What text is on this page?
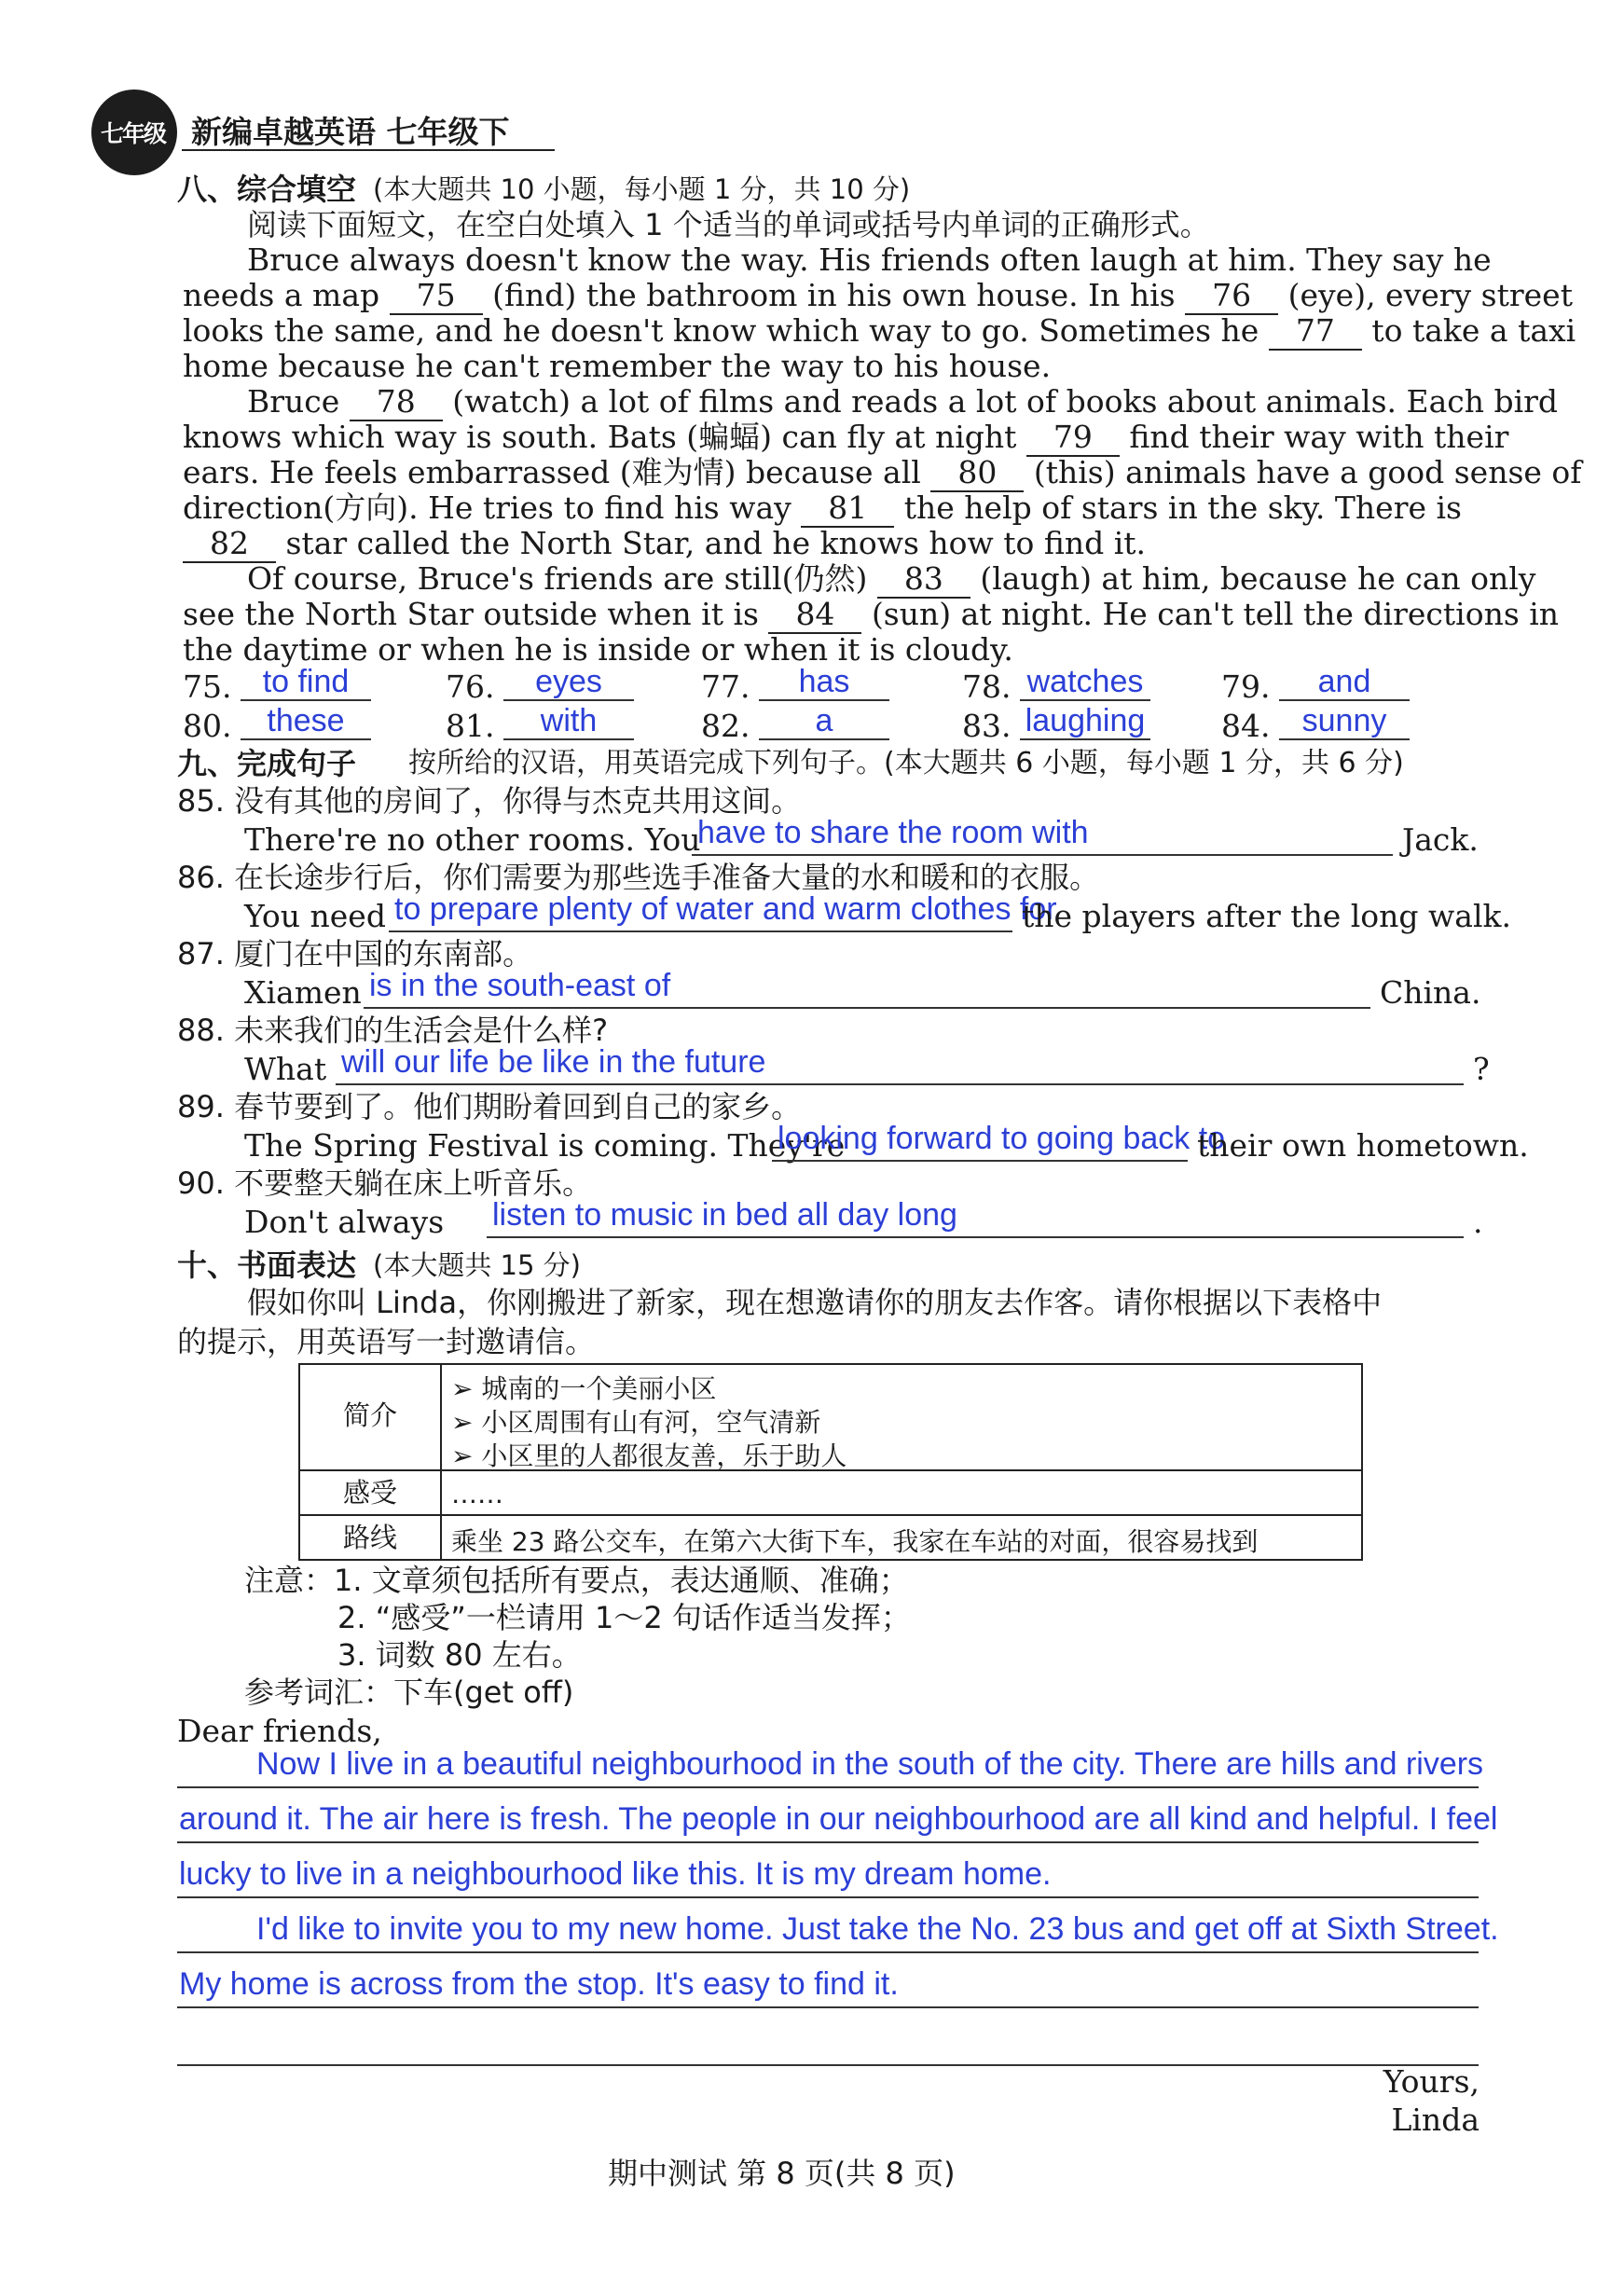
七年级 新编卓越英语 七年级下
八、综合填空 (本大题共 10 小题，每小题 1 分，共 10 分)
阅读下面短文，在空白处填入 1 个适当的单词或括号内单词的正确形式。
Bruce always doesn't know the way. His friends often laugh at him. They say he
needs a map 75 (find) the bathroom in his own house. In his 76 (eye), every street
looks the same, and he doesn't know which way to go. Sometimes he 77 to take a taxi
home because he can't remember the way to his house.
Bruce 78 (watch) a lot of films and reads a lot of books about animals. Each bird
knows which way is south. Bats (蝙蝠) can fly at night 79 find their way with their
ears. He feels embarrassed (难为情) because all 80 (this) animals have a good sense of
direction(方向). He tries to find his way 81 the help of stars in the sky. There is
82 star called the North Star, and he knows how to find it.
Of course, Bruce's friends are still(仍然) 83 (laugh) at him, because he can only
see the North Star outside when it is 84 (sun) at night. He can't tell the directions in
the daytime or when he is inside or when it is cloudy.
75. to find	76.	eyes	77.	has	78. watches	79.	and
80.	these	81.	with	82.	a	83. laughing 84.	sunny
九、完成句子 按所给的汉语，用英语完成下列句子。(本大题共 6 小题，每小题 1 分，共 6 分)
85. 没有其他的房间了，你得与杰克共用这间。
There're no other rooms. You
have to share the room with	Jack.
86. 在长途步行后，你们需要为那些选手准备大量的水和暖和的衣服。
You need to prepare plenty of water and warm clothes for
the players after the long walk.
87. 厦门在中国的东南部。
Xiamen is in the south-east of	China.
88. 未来我们的生活会是什么样?
What will our life be like in the future	?
89. 春节要到了。他们期盼着回到自己的家乡。
The Spring Festival is coming. They're
looking forward to going back to
their own hometown.
90. 不要整天躺在床上听音乐。
Don't always listen to music in bed all day long	.
十、书面表达 (本大题共 15 分)
假如你叫 Linda，你刚搬进了新家，现在想邀请你的朋友去作客。请你根据以下表格中
的提示，用英语写一封邀请信。
简介
➢ 城南的一个美丽小区
➢ 小区周围有山有河，空气清新
➢ 小区里的人都很友善，乐于助人
感受	……
路线	乘坐 23 路公交车，在第六大街下车，我家在车站的对面，很容易找到
注意：1. 文章须包括所有要点，表达通顺、准确；
2. “感受”一栏请用 1～2 句话作适当发挥；
3. 词数 80 左右。
参考词汇：下车(get off)
Dear friends,
Now I live in a beautiful neighbourhood in the south of the city. There are hills and rivers
around it. The air here is fresh. The people in our neighbourhood are all kind and helpful. I feel
lucky to live in a neighbourhood like this. It is my dream home.
I'd like to invite you to my new home. Just take the No. 23 bus and get off at Sixth Street.
My home is across from the stop. It's easy to find it.
Yours,
Linda
期中测试 第 8 页(共 8 页)
